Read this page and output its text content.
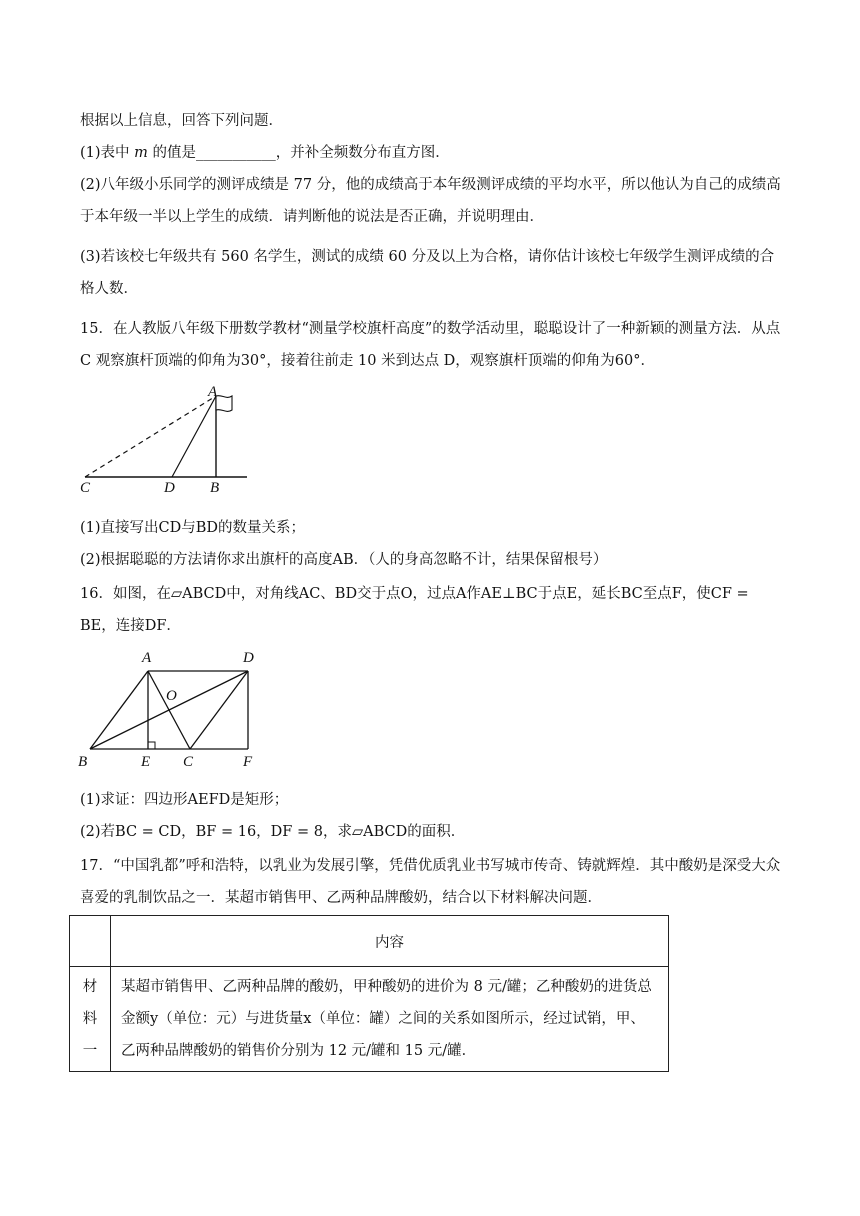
根据以上信息，回答下列问题．
(1)表中 m 的值是___________，并补全频数分布直方图．
(2)八年级小乐同学的测评成绩是 77 分，他的成绩高于本年级测评成绩的平均水平，所以他认为自己的成绩高于本年级一半以上学生的成绩．请判断他的说法是否正确，并说明理由．
(3)若该校七年级共有 560 名学生，测试的成绩 60 分及以上为合格，请你估计该校七年级学生测评成绩的合格人数．
15．在人教版八年级下册数学教材“测量学校旗杆高度”的数学活动里，聪聪设计了一种新颖的测量方法．从点 C 观察旗杆顶端的仰角为30°，接着往前走 10 米到达点 D，观察旗杆顶端的仰角为60°．
A
C	D B
(1)直接写出CD与BD的数量关系；
(2)根据聪聪的方法请你求出旗杆的高度AB．（人的身高忽略不计，结果保留根号）
16．如图，在▱ABCD中，对角线AC、BD交于点O，过点A作AE⊥BC于点E，延长BC至点F，使CF = BE，连接DF．
A	D
O
B	E C	F
(1)求证：四边形AEFD是矩形；
(2)若BC = CD，BF = 16，DF = 8，求▱ABCD的面积．
17．“中国乳都”呼和浩特，以乳业为发展引擎，凭借优质乳业书写城市传奇、铸就辉煌．其中酸奶是深受大众喜爱的乳制饮品之一．某超市销售甲、乙两种品牌酸奶，结合以下材料解决问题．
	内容

材料一	某超市销售甲、乙两种品牌的酸奶，甲种酸奶的进价为 8 元/罐；乙种酸奶的进货总金额y（单位：元）与进货量x（单位：罐）之间的关系如图所示，经过试销，甲、乙两种品牌酸奶的销售价分别为 12 元/罐和 15 元/罐．
